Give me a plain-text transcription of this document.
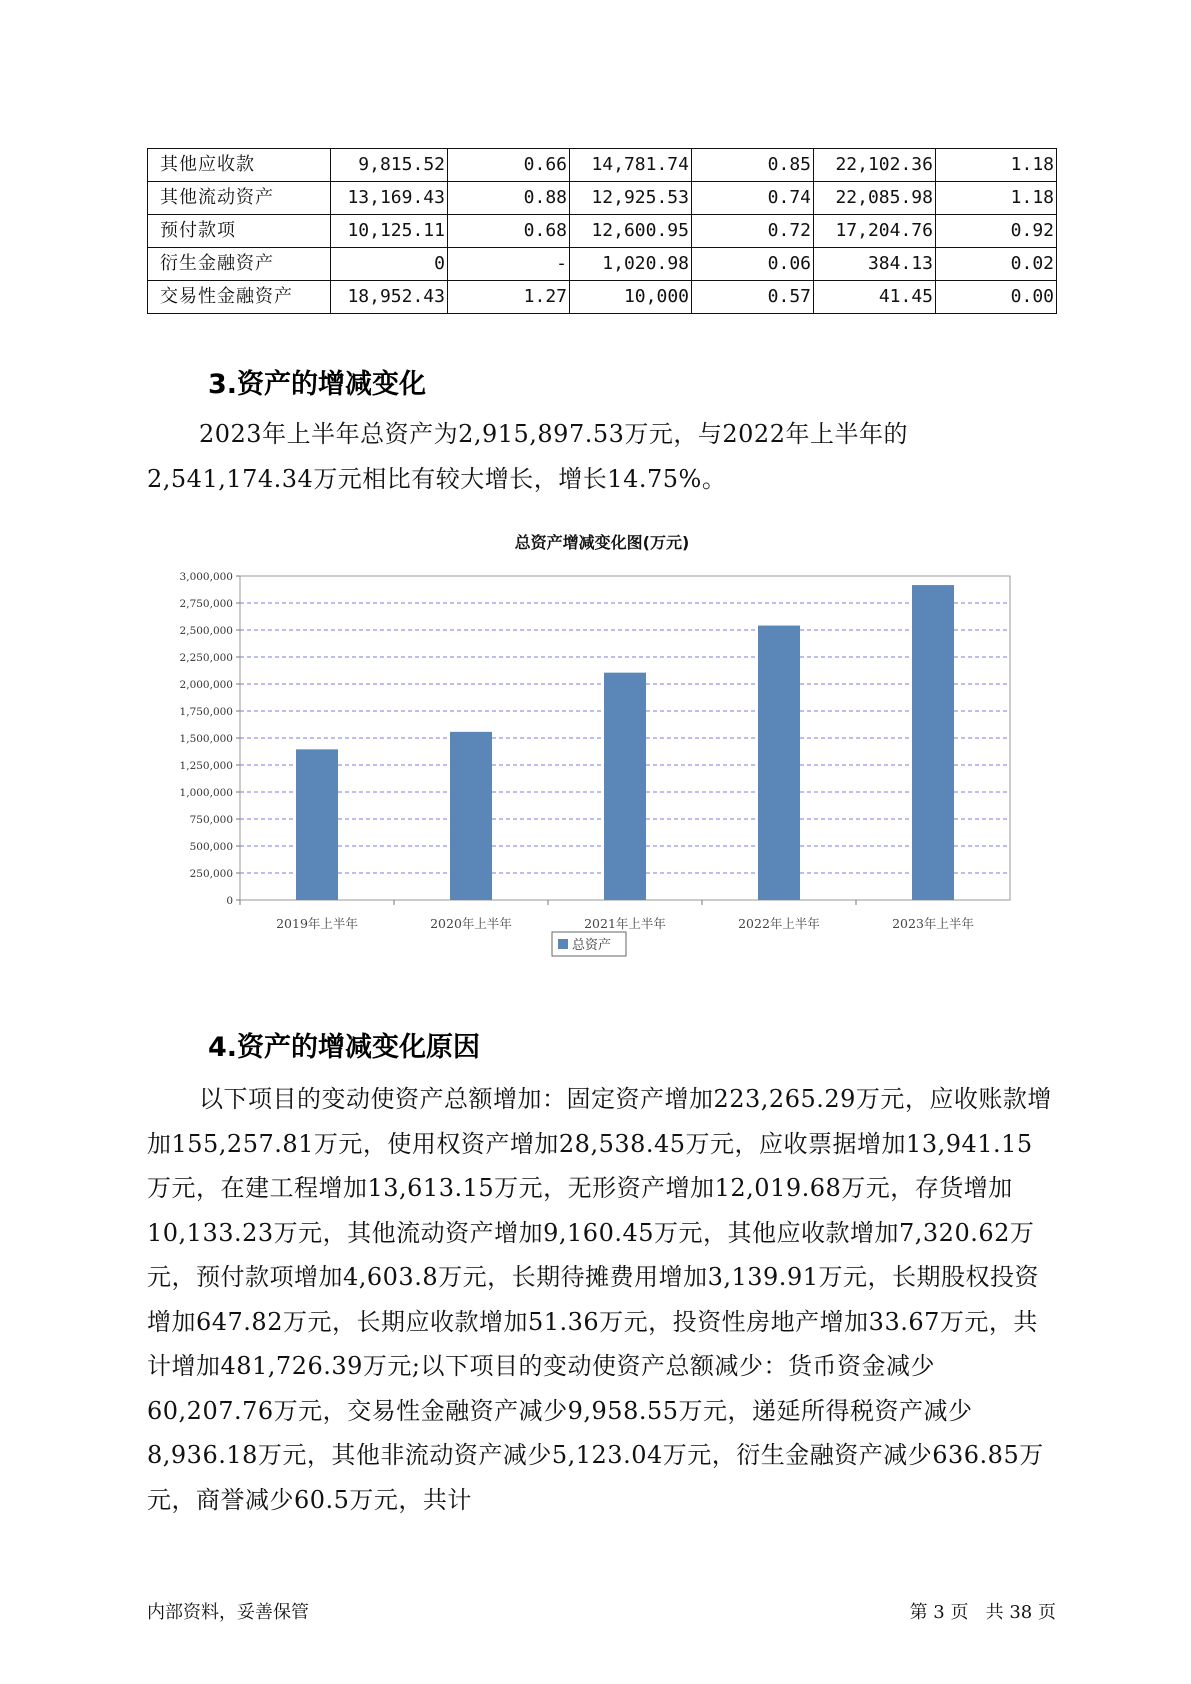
其他应收款	9,815.52	0.66	14,781.74	0.85	22,102.36	1.18
其他流动资产	13,169.43	0.88	12,925.53	0.74	22,085.98	1.18
预付款项	10,125.11	0.68	12,600.95	0.72	17,204.76	0.92
衍生金融资产	0	-	1,020.98	0.06	384.13	0.02
交易性金融资产	18,952.43	1.27	10,000	0.57	41.45	0.00
3.资产的增减变化

2023年上半年总资产为2,915,897.53万元，与2022年上半年的2,541,174.34万元相比有较大增长，增长14.75%。

总资产增减变化图(万元)
0
250,000
500,000
750,000
1,000,000
1,250,000
1,500,000
1,750,000
2,000,000
2,250,000
2,500,000
2,750,000
3,000,000
2019年上半年	2020年上半年	2021年上半年	2022年上半年	2023年上半年
总资产
4.资产的增减变化原因

以下项目的变动使资产总额增加：固定资产增加223,265.29万元，应收账款增加155,257.81万元，使用权资产增加28,538.45万元，应收票据增加13,941.15万元，在建工程增加13,613.15万元，无形资产增加12,019.68万元，存货增加10,133.23万元，其他流动资产增加9,160.45万元，其他应收款增加7,320.62万元，预付款项增加4,603.8万元，长期待摊费用增加3,139.91万元，长期股权投资增加647.82万元，长期应收款增加51.36万元，投资性房地产增加33.67万元，共计增加481,726.39万元;以下项目的变动使资产总额减少：货币资金减少60,207.76万元，交易性金融资产减少9,958.55万元，递延所得税资产减少8,936.18万元，其他非流动资产减少5,123.04万元，衍生金融资产减少636.85万元，商誉减少60.5万元，共计

内部资料，妥善保管	第 3 页   共 38 页
